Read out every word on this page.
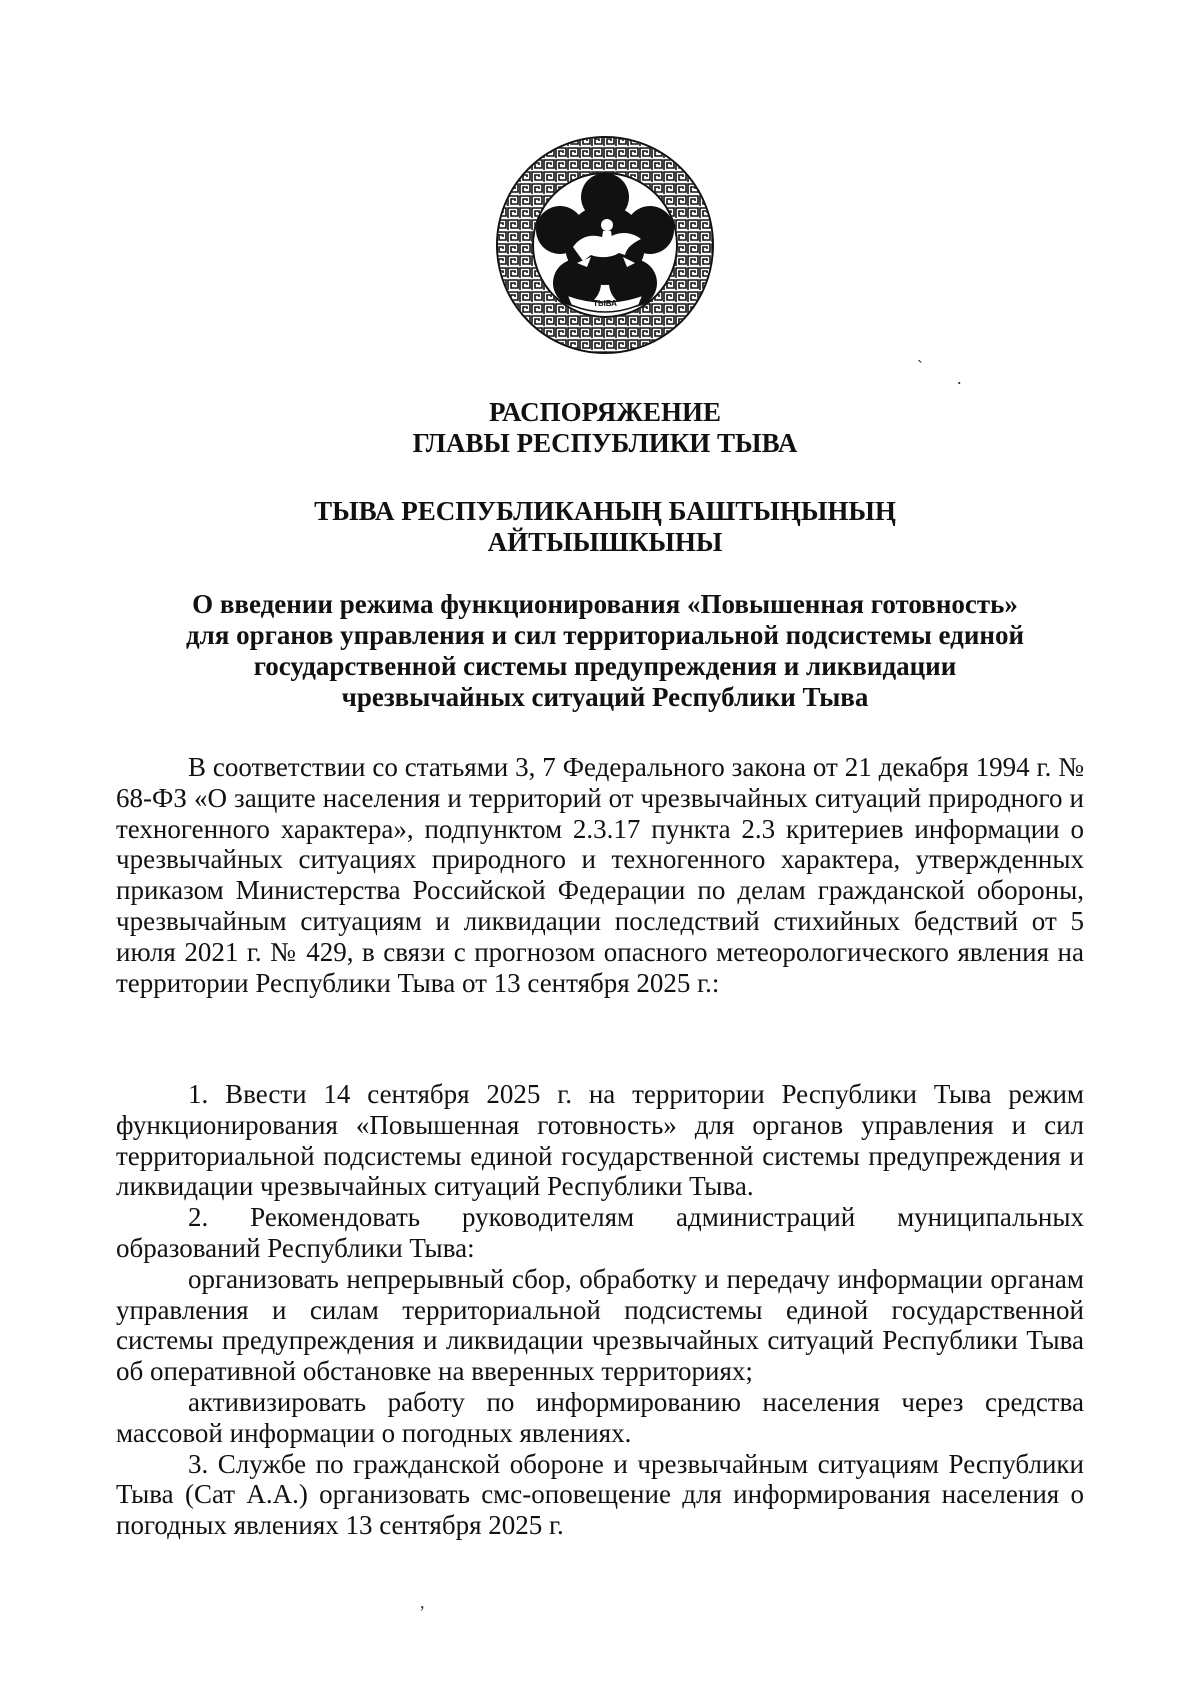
ТЫВА
`
.
РАСПОРЯЖЕНИЕ
ГЛАВЫ РЕСПУБЛИКИ ТЫВА
ТЫВА РЕСПУБЛИКАНЫҢ БАШТЫҢЫНЫҢ
АЙТЫЫШКЫНЫ
О введении режима функционирования «Повышенная готовность»
для органов управления и сил территориальной подсистемы единой
государственной системы предупреждения и ликвидации
чрезвычайных ситуаций Республики Тыва

В соответствии со статьями 3, 7 Федерального закона от 21 декабря 1994 г. № 68-ФЗ «О защите населения и территорий от чрезвычайных ситуаций природного и техногенного характера», подпунктом 2.3.17 пункта 2.3 критериев информации о чрезвычайных ситуациях природного и техногенного характера, утвержденных приказом Министерства Российской Федерации по делам гражданской обороны, чрезвычайным ситуациям и ликвидации последствий стихийных бедствий от 5 июля 2021 г. № 429, в связи с прогнозом опасного метеорологического явления на территории Республики Тыва от 13 сентября 2025 г.:

1. Ввести 14 сентября 2025 г. на территории Республики Тыва режим функционирования «Повышенная готовность» для органов управления и сил территориальной подсистемы единой государственной системы предупреждения и ликвидации чрезвычайных ситуаций Республики Тыва.

2. Рекомендовать руководителям администраций муниципальных образований Республики Тыва:

организовать непрерывный сбор, обработку и передачу информации органам управления и силам территориальной подсистемы единой государственной системы предупреждения и ликвидации чрезвычайных ситуаций Республики Тыва об оперативной обстановке на вверенных территориях;

активизировать работу по информированию населения через средства массовой информации о погодных явлениях.

3. Службе по гражданской обороне и чрезвычайным ситуациям Республики Тыва (Сат А.А.) организовать смс-оповещение для информирования населения о погодных явлениях 13 сентября 2025 г.

,
